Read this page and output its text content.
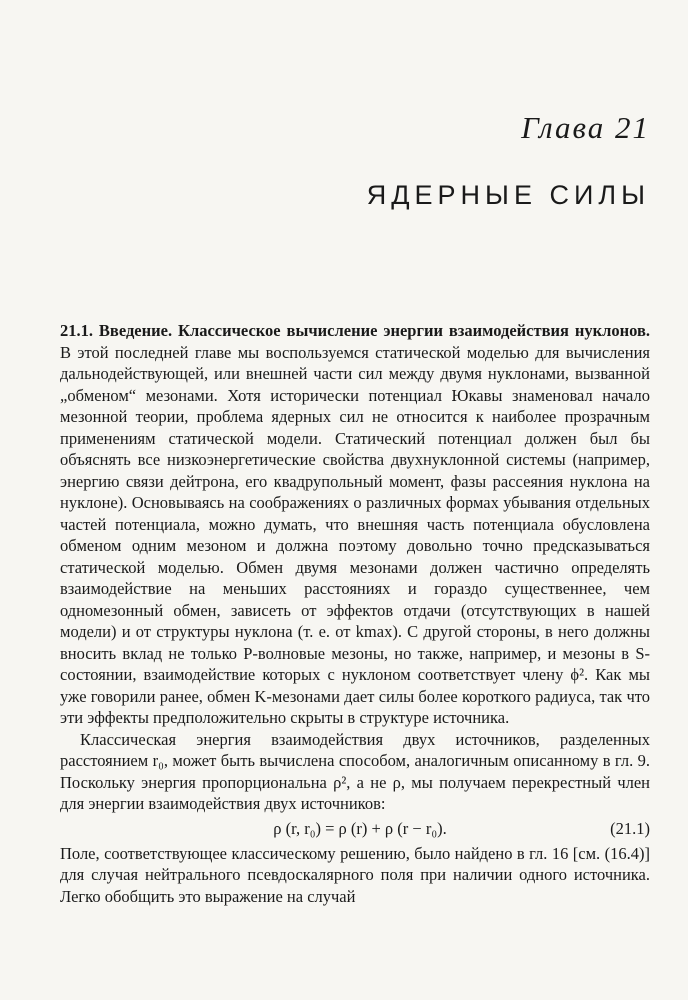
Глава 21
ЯДЕРНЫЕ СИЛЫ

21.1. Введение. Классическое вычисление энергии взаимодействия нуклонов. В этой последней главе мы воспользуемся статической моделью для вычисления дальнодействующей, или внешней части сил между двумя нуклонами, вызванной „обменом“ мезонами. Хотя исторически потенциал Юкавы знаменовал начало мезонной теории, проблема ядерных сил не относится к наиболее прозрачным применениям статической модели. Статический потенциал должен был бы объяснять все низкоэнергетические свойства двухнуклонной системы (например, энергию связи дейтрона, его квадрупольный момент, фазы рассеяния нуклона на нуклоне). Основываясь на соображениях о различных формах убывания отдельных частей потенциала, можно думать, что внешняя часть потенциала обусловлена обменом одним мезоном и должна поэтому довольно точно предсказываться статической моделью. Обмен двумя мезонами должен частично определять взаимодействие на меньших расстояниях и гораздо существеннее, чем одномезонный обмен, зависеть от эффектов отдачи (отсутствующих в нашей модели) и от структуры нуклона (т. е. от kmax). С другой стороны, в него должны вносить вклад не только P-волновые мезоны, но также, например, и мезоны в S-состоянии, взаимодействие которых с нуклоном соответствует члену ϕ². Как мы уже говорили ранее, обмен K-мезонами дает силы более короткого радиуса, так что эти эффекты предположительно скрыты в структуре источника.

Классическая энергия взаимодействия двух источников, разделенных расстоянием r₀, может быть вычислена способом, аналогичным описанному в гл. 9. Поскольку энергия пропорциональна ρ², а не ρ, мы получаем перекрестный член для энергии взаимодействия двух источников:

ρ (r, r₀) = ρ (r) + ρ (r − r₀).	(21.1)

Поле, соответствующее классическому решению, было найдено в гл. 16 [см. (16.4)] для случая нейтрального псевдоскалярного поля при наличии одного источника. Легко обобщить это выражение на случай
